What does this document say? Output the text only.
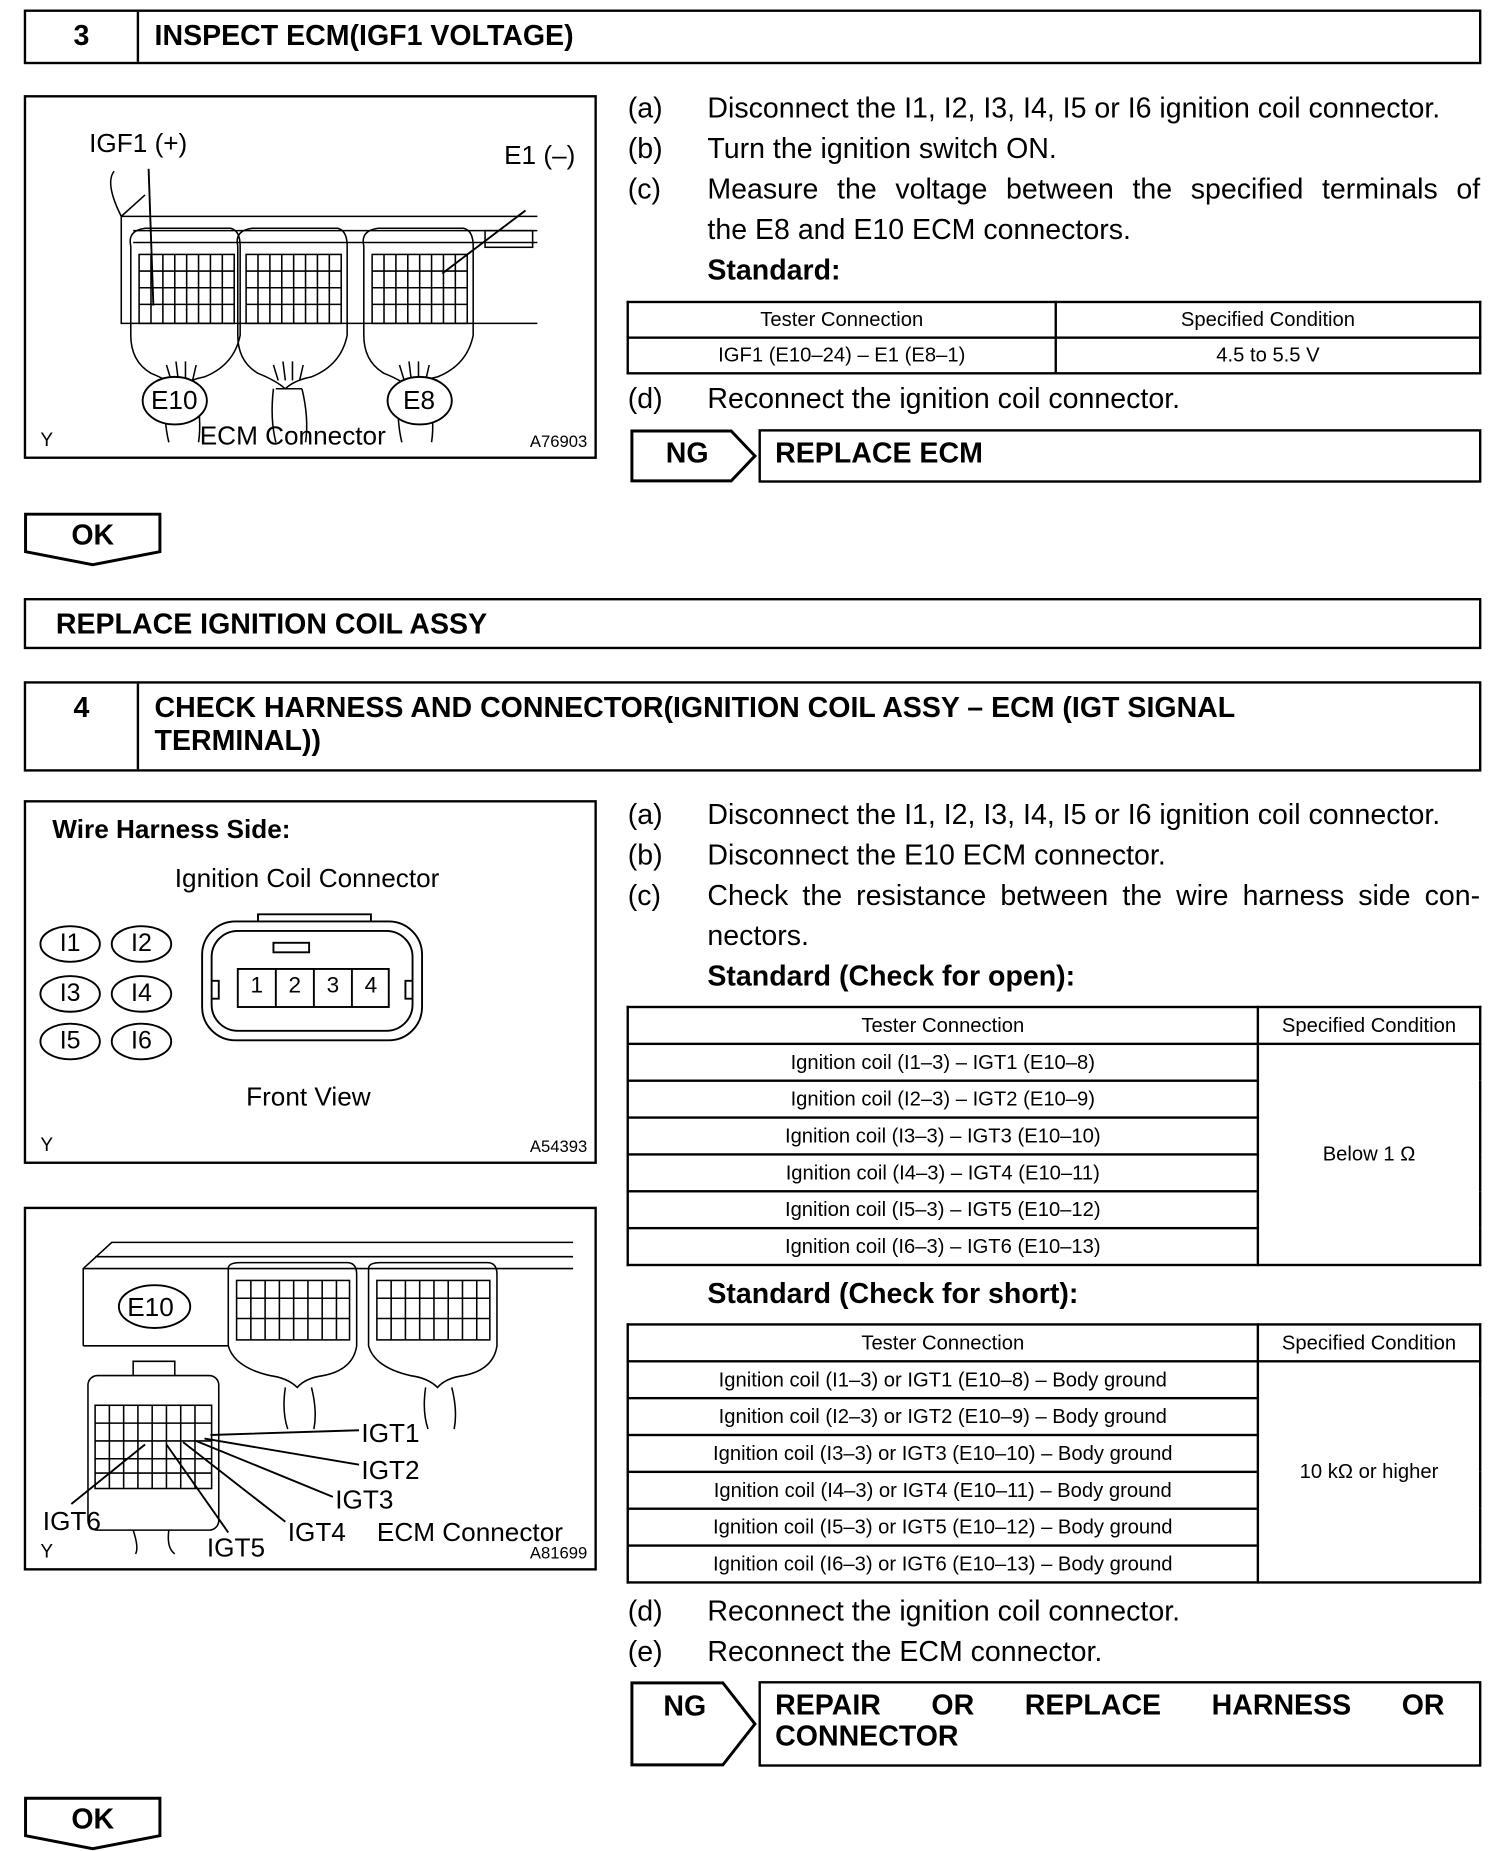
3	INSPECT ECM(IGF1 VOLTAGE)
IGF1 (+)	E1 (–)
E10	E8
ECM Connector
Y	A76903
(a) Disconnect the I1, I2, I3, I4, I5 or I6 ignition coil connector.
(b) Turn the ignition switch ON.
(c) Measure the voltage between the specified terminals of
the E8 and E10 ECM connectors.
Standard:
Tester Connection	Specified Condition
IGF1 (E10–24) – E1 (E8–1)	4.5 to 5.5 V
(d) Reconnect the ignition coil connector.
NG	REPLACE ECM
OK
REPLACE IGNITION COIL ASSY
4	CHECK HARNESS AND CONNECTOR(IGNITION COIL ASSY – ECM (IGT SIGNAL
TERMINAL))
Wire Harness Side:
Ignition Coil Connector
I1 I2
I3 I4
I5 I6
1	2	3	4
Front View
Y	A54393
E10
IGT1
IGT2
IGT3
IGT4
IGT5
IGT6	ECM Connector
Y	A81699
(a) Disconnect the I1, I2, I3, I4, I5 or I6 ignition coil connector.
(b) Disconnect the E10 ECM connector.
(c) Check the resistance between the wire harness side con-
nectors.
Standard (Check for open):
Tester Connection	Specified Condition
Ignition coil (I1–3) – IGT1 (E10–8)	Below 1 Ω
Ignition coil (I2–3) – IGT2 (E10–9)	
Ignition coil (I3–3) – IGT3 (E10–10)	
Ignition coil (I4–3) – IGT4 (E10–11)	
Ignition coil (I5–3) – IGT5 (E10–12)	
Ignition coil (I6–3) – IGT6 (E10–13)	
Standard (Check for short):
Tester Connection	Specified Condition
Ignition coil (I1–3) or IGT1 (E10–8) – Body ground	10 kΩ or higher
Ignition coil (I2–3) or IGT2 (E10–9) – Body ground	
Ignition coil (I3–3) or IGT3 (E10–10) – Body ground	
Ignition coil (I4–3) or IGT4 (E10–11) – Body ground	
Ignition coil (I5–3) or IGT5 (E10–12) – Body ground	
Ignition coil (I6–3) or IGT6 (E10–13) – Body ground	
(d) Reconnect the ignition coil connector.
(e) Reconnect the ECM connector.
NG	REPAIR OR REPLACE HARNESS OR
CONNECTOR
OK
